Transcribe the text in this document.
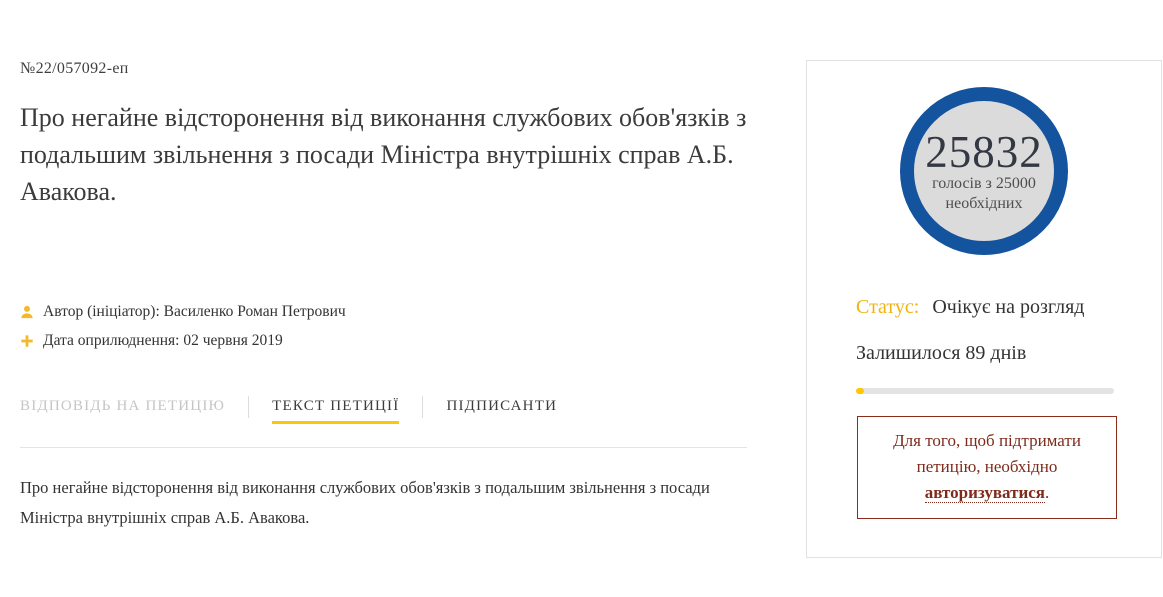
№22/057092-еп
Про негайне відсторонення від виконання службових обов'язків з подальшим звільнення з посади Міністра внутрішніх справ А.Б. Авакова.
Автор (ініціатор): Василенко Роман Петрович
Дата оприлюднення: 02 червня 2019
ВІДПОВІДЬ НА ПЕТИЦІЮ	ТЕКСТ ПЕТИЦІЇ	ПІДПИСАНТИ

Про негайне відсторонення від виконання службових обов'язків з подальшим звільнення з посади Міністра внутрішніх справ А.Б. Авакова.

25832
голосів з 25000
необхідних
Статус: Очікує на розгляд
Залишилося 89 днів
Для того, щоб підтримати петицію, необхідно авторизуватися.
